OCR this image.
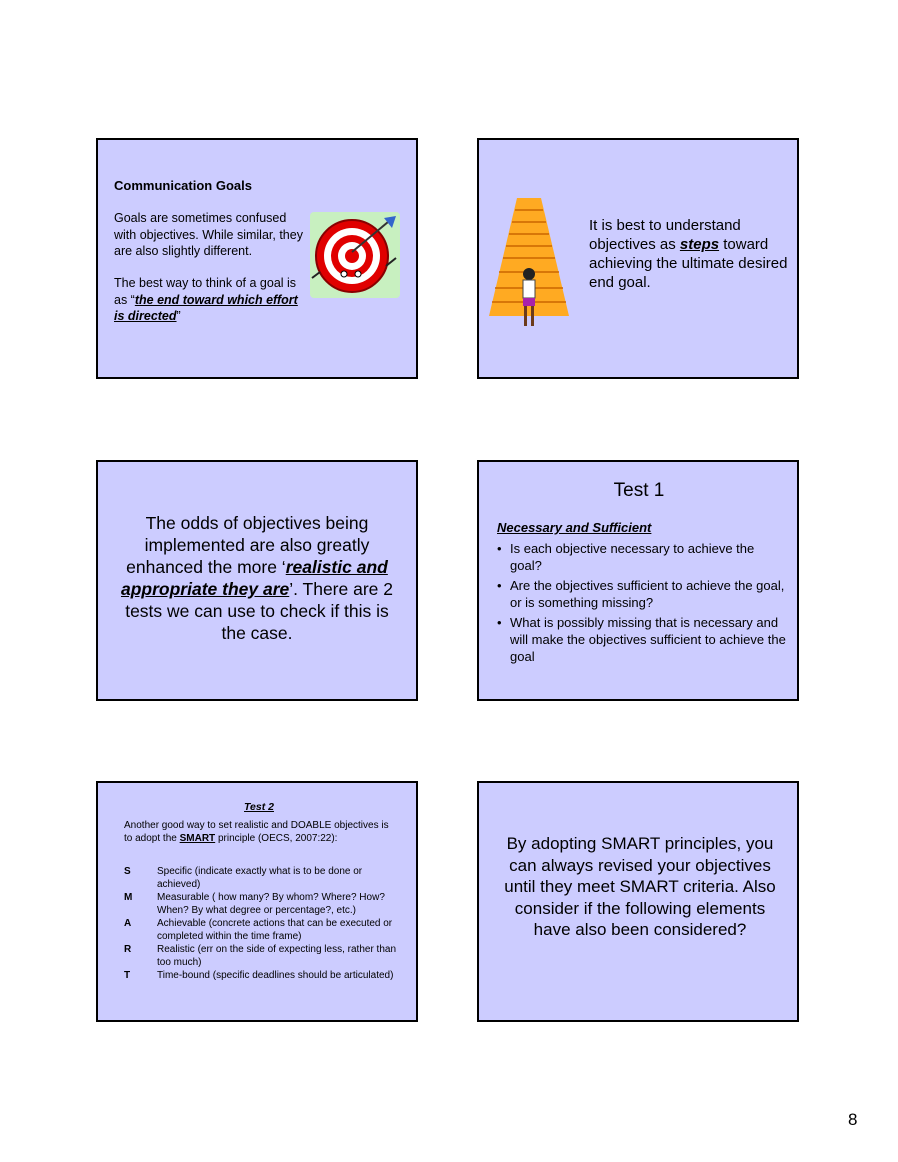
Communication Goals
Goals are sometimes confused with objectives. While similar, they are also slightly different.
The best way to think of a goal is as “the end toward which effort is directed”
It is best to understand objectives as steps toward achieving the ultimate desired end goal.
The odds of objectives being implemented are also greatly enhanced the more ‘realistic and appropriate they are’. There are 2 tests we can use to check if this is the case.
Test 1
Necessary and Sufficient
• Is each objective necessary to achieve the goal?
• Are the objectives sufficient to achieve the goal, or is something missing?
• What is possibly missing that is necessary and will make the objectives sufficient to achieve the goal
Test 2
Another good way to set realistic and DOABLE objectives is to adopt the SMART principle (OECS, 2007:22):
S	Specific (indicate exactly what is to be done or achieved)
M	Measurable ( how many? By whom? Where? How? When? By what degree or percentage?, etc.)
A	Achievable (concrete actions that can be executed or completed within the time frame)
R	Realistic (err on the side of expecting less, rather than too much)
T	Time-bound (specific deadlines should be articulated)
By adopting SMART principles, you can always revised your objectives until they meet SMART criteria. Also consider if the following elements have also been considered?
8
